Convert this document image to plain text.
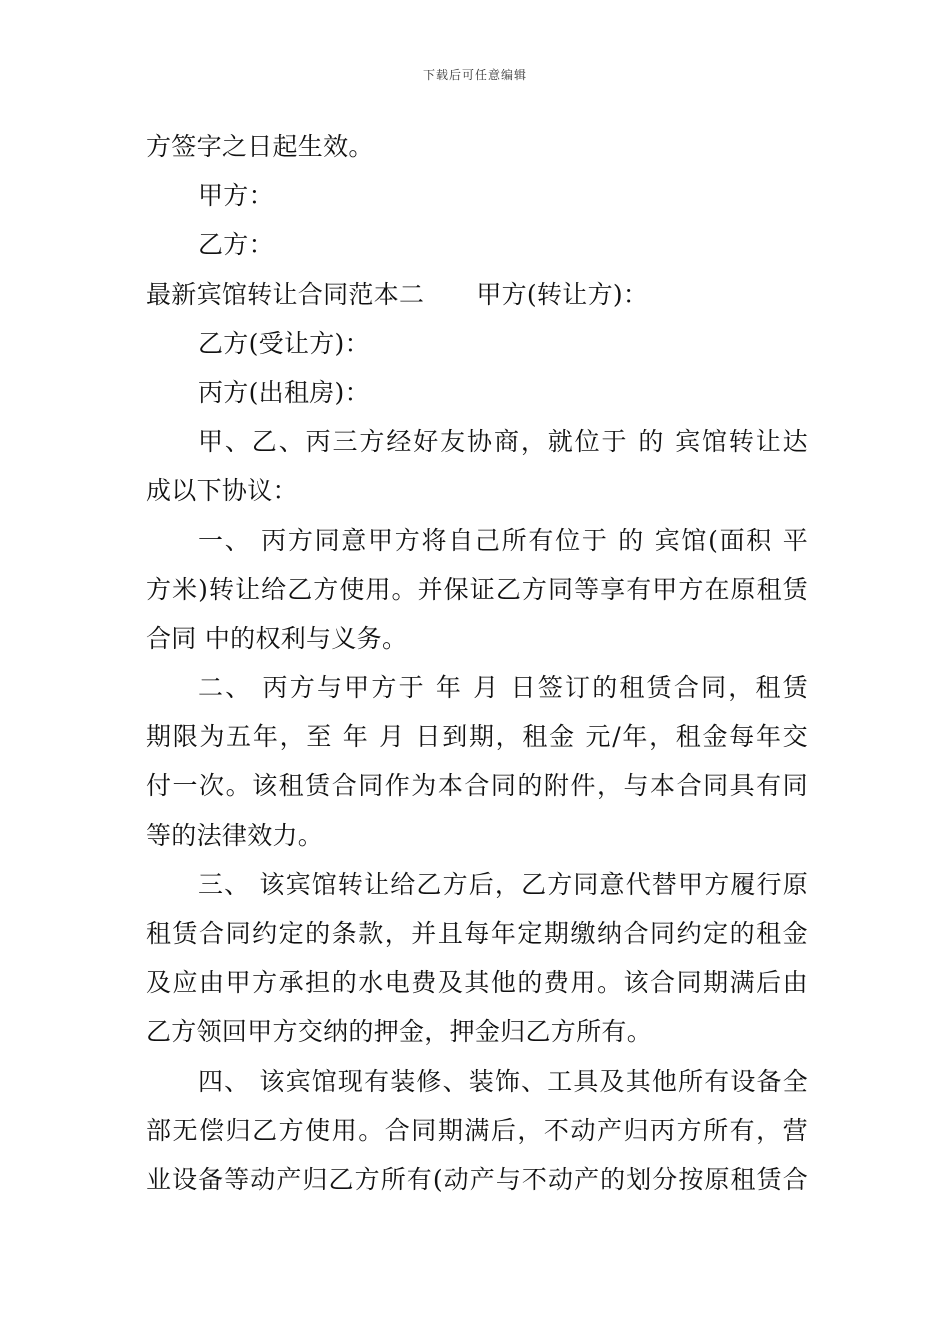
下载后可任意编辑
方签字之日起生效。
甲方：
乙方：
最新宾馆转让合同范本二 甲方(转让方)：
乙方(受让方)：
丙方(出租房)：
甲、乙、丙三方经好友协商，就位于 的 宾馆转让达
成以下协议：
一、 丙方同意甲方将自己所有位于 的 宾馆(面积 平
方米)转让给乙方使用。并保证乙方同等享有甲方在原租赁
合同 中的权利与义务。
二、 丙方与甲方于 年 月 日签订的租赁合同，租赁
期限为五年，至 年 月 日到期，租金 元/年，租金每年交
付一次。该租赁合同作为本合同的附件，与本合同具有同
等的法律效力。
三、 该宾馆转让给乙方后，乙方同意代替甲方履行原
租赁合同约定的条款，并且每年定期缴纳合同约定的租金
及应由甲方承担的水电费及其他的费用。该合同期满后由
乙方领回甲方交纳的押金，押金归乙方所有。
四、 该宾馆现有装修、装饰、工具及其他所有设备全
部无偿归乙方使用。合同期满后，不动产归丙方所有，营
业设备等动产归乙方所有(动产与不动产的划分按原租赁合
